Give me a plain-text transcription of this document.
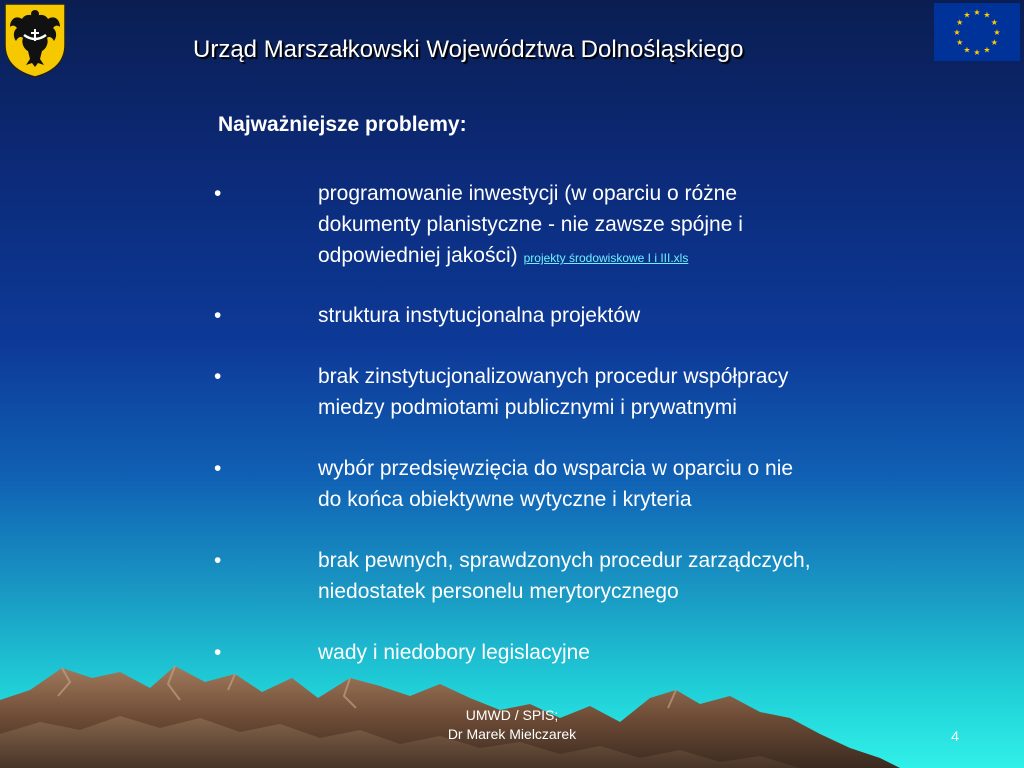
★ ★
★
★
★
★
★
★
★
★
★
★
Urząd Marszałkowski Województwa Dolnośląskiego
Najważniejsze problemy:
•	programowanie inwestycji (w oparciu o różne
dokumenty planistyczne - nie zawsze spójne i
odpowiedniej jakości) projekty środowiskowe I i III.xls

•	struktura instytucjonalna projektów

•	brak zinstytucjonalizowanych procedur współpracy
miedzy podmiotami publicznymi i prywatnymi

•	wybór przedsięwzięcia do wsparcia w oparciu o nie
do końca obiektywne wytyczne i kryteria

•	brak pewnych, sprawdzonych procedur zarządczych,
niedostatek personelu merytorycznego

•	wady i niedobory legislacyjne

UMWD / SPIS;
Dr Marek Mielczarek	4
